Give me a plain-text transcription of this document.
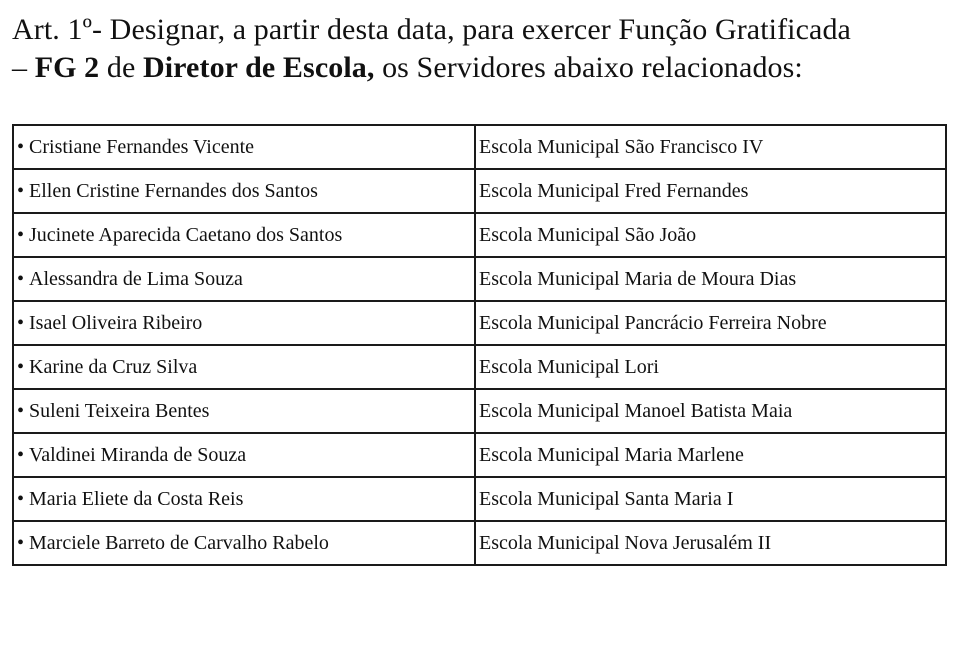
Art. 1º- Designar, a partir desta data, para exercer Função Gratificada
– FG 2 de Diretor de Escola, os Servidores abaixo relacionados:
• Cristiane Fernandes Vicente	Escola Municipal São Francisco IV
• Ellen Cristine Fernandes dos Santos	Escola Municipal Fred Fernandes
• Jucinete Aparecida Caetano dos Santos	Escola Municipal São João
• Alessandra de Lima Souza	Escola Municipal Maria de Moura Dias
• Isael Oliveira Ribeiro	Escola Municipal Pancrácio Ferreira Nobre
• Karine da Cruz Silva	Escola Municipal Lori
• Suleni Teixeira Bentes	Escola Municipal Manoel Batista Maia
• Valdinei Miranda de Souza	Escola Municipal Maria Marlene
• Maria Eliete da Costa Reis	Escola Municipal Santa Maria I
• Marciele Barreto de Carvalho Rabelo	Escola Municipal Nova Jerusalém II
